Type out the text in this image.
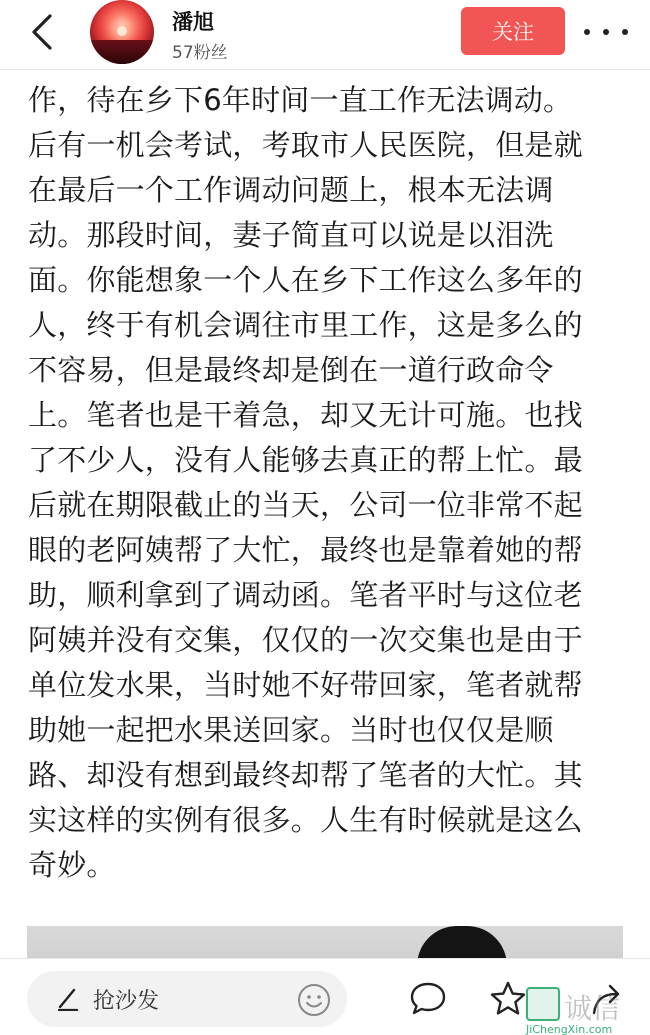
潘旭
57粉丝
关注
作，待在乡下6年时间一直工作无法调动。
后有一机会考试，考取市人民医院，但是就
在最后一个工作调动问题上，根本无法调
动。那段时间，妻子简直可以说是以泪洗
面。你能想象一个人在乡下工作这么多年的
人，终于有机会调往市里工作，这是多么的
不容易，但是最终却是倒在一道行政命令
上。笔者也是干着急，却又无计可施。也找
了不少人，没有人能够去真正的帮上忙。最
后就在期限截止的当天，公司一位非常不起
眼的老阿姨帮了大忙，最终也是靠着她的帮
助，顺利拿到了调动函。笔者平时与这位老
阿姨并没有交集，仅仅的一次交集也是由于
单位发水果，当时她不好带回家，笔者就帮
助她一起把水果送回家。当时也仅仅是顺
路、却没有想到最终却帮了笔者的大忙。其
实这样的实例有很多。人生有时候就是这么
奇妙。
抢沙发	诚信
JiChengXin.com
